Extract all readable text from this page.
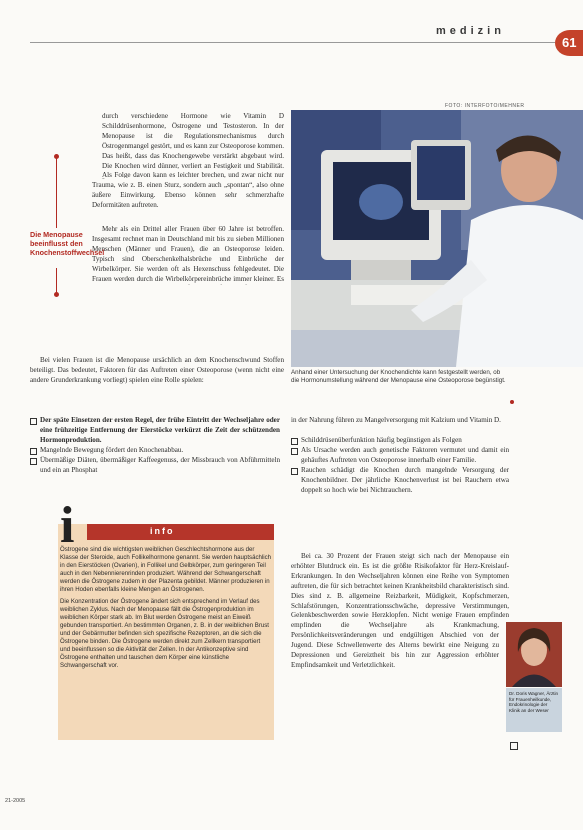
medizin
61
FOTO: INTERFOTO/MEHNER

durch verschiedene Hormone wie Vitamin D Schilddrüsenhormone, Östrogene und Testosteron. In der Menopause ist die Regulationsmechanismus durch Östrogenmangel gestört, und es kann zur Osteoporose kommen. Das heißt, dass das Knochengewebe verstärkt abgebaut wird. Die Knochen wird dünner, verliert an Festigkeit und Stabilität. Als Folge davon kann es leichter brechen, und zwar nicht nur

Trauma, wie z. B. einen Sturz, sondern auch „spontan“, also ohne äußere Einwirkung. Ebenso können sehr schmerzhafte Deformitäten auftreten.

Mehr als ein Drittel aller Frauen über 60 Jahre ist betroffen. Insgesamt rechnet man in Deutschland mit bis zu sieben Millionen Menschen (Männer und Frauen), die an Osteoporose leiden. Typisch sind Oberschenkelhalsbrüche und Einbrüche der Wirbelkörper. Sie werden oft als Hexenschuss fehlgedeutet. Die Frauen werden durch die Wirbelkörpereinbrüche immer kleiner. Es

Bei vielen Frauen ist die Menopause ursächlich an dem Knochenschwund Stoffen beteiligt. Das bedeutet, Faktoren für das Auftreten einer Osteoporose (wenn nicht eine andere Grunderkrankung vorliegt) spielen eine Rolle spielen:

Die Menopause beeinflusst den Knochenstoffwechsel
Der späte Einsetzen der ersten Regel, der frühe Eintritt der Wechseljahre oder eine frühzeitige Entfernung der Eierstöcke verkürzt die Zeit der schützenden Hormonproduktion.
Mangelnde Bewegung fördert den Knochenabbau.
Übermäßige Diäten, übermäßiger Kaffeegenuss, der Missbrauch von Abführmitteln und ein an Phosphat
Anhand einer Untersuchung der Knochendichte kann festgestellt werden, ob die Hormonumstellung während der Menopause eine Osteoporose begünstigt.
in der Nahrung führen zu Mangelversorgung mit Kalzium und Vitamin D.
Schilddrüsenüberfunktion häufig begünstigen als Folgen
Als Ursache werden auch genetische Faktoren vermutet und damit ein gehäuftes Auftreten von Osteoporose innerhalb einer Familie.
Rauchen schädigt die Knochen durch mangelnde Versorgung der Knochenbildner. Der jährliche Knochenverlust ist bei Rauchern etwa doppelt so hoch wie bei Nichtrauchern.

Bei ca. 30 Prozent der Frauen steigt sich nach der Menopause ein erhöhter Blutdruck ein. Es ist die größte Risikofaktor für Herz-Kreislauf-Erkrankungen. In den Wechseljahren können eine Reihe von Symptomen auftreten, die für sich betrachtet keinen Krankheitsbild charakteristisch sind. Dies sind z. B. allgemeine Reizbarkeit, Müdigkeit, Kopfschmerzen, Schlafstörungen, Konzentrationsschwäche, depressive Verstimmungen, Gelenkbeschwerden sowie Herzklopfen. Nicht wenige Frauen empfinden

empfinden die Wechseljahre als Krankmachung, Persönlichkeitsveränderungen und endgültigen Abschied von der Jugend. Diese Schwellenwerte des Alterns bewirkt eine Neigung zu Depressionen und Gereiztheit bis hin zur Aggression erhöhter Empfindsamkeit und Verletzlichkeit.

Dr. Doris Wagner, Ärztin für Frauenheilkunde, Endokrinologie der Klinik an der Weser
i	info

Östrogene sind die wichtigsten weiblichen Geschlechtshormone aus der Klasse der Steroide, auch Follikelhormone genannt. Sie werden hauptsächlich in den Eierstöcken (Ovarien), in Follikel und Gelbkörper, zum geringeren Teil auch in den Nebennierenrinden produziert. Während der Schwangerschaft werden die Östrogene zudem in der Plazenta gebildet. Männer produzieren in ihren Hoden ebenfalls kleine Mengen an Östrogenen.

Die Konzentration der Östrogene ändert sich entsprechend im Verlauf des weiblichen Zyklus. Nach der Menopause fällt die Östrogenproduktion im weiblichen Körper stark ab. Im Blut werden Östrogene meist an Eiweiß gebunden transportiert. An bestimmten Organen, z. B. in der weiblichen Brust und der Gebärmutter befinden sich spezifische Rezeptoren, an die sich die Östrogene binden. Die Östrogene werden direkt zum Zellkern transportiert und beeinflussen so die Aktivität der Zellen. In der Antikonzeptive sind Östrogene enthalten und tauschen dem Körper eine künstliche Schwangerschaft vor.

21-2005
